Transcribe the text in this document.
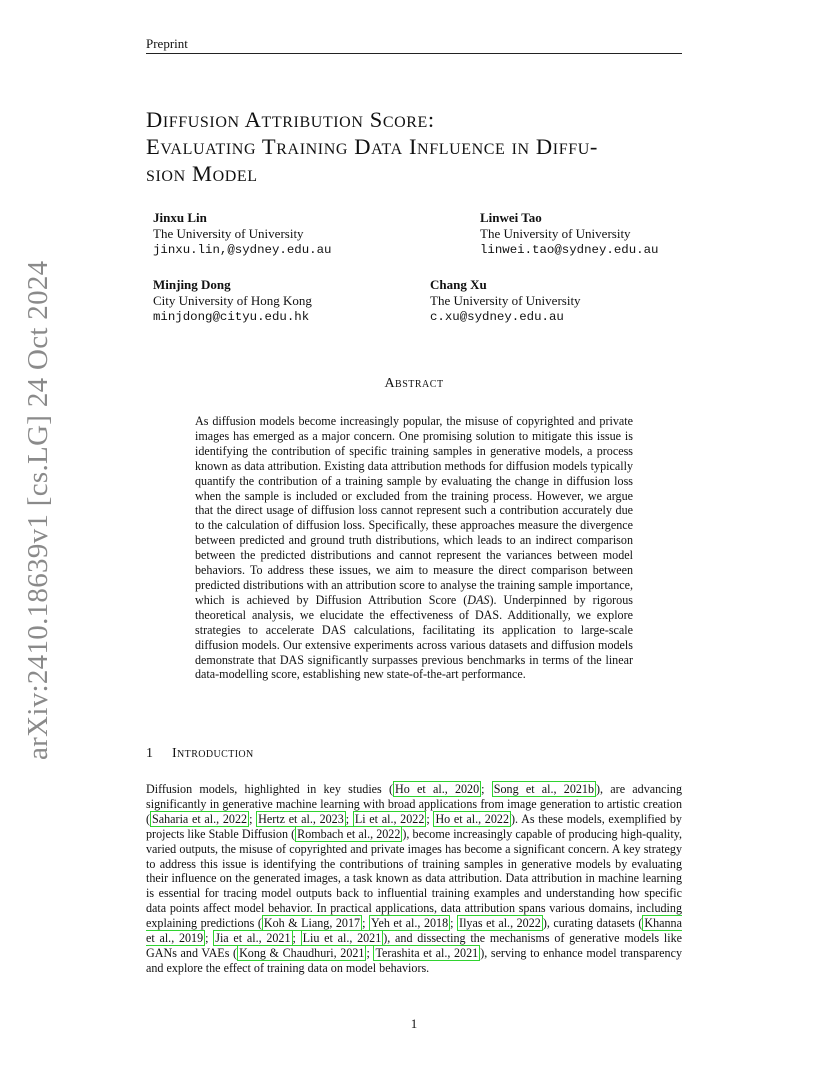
Preprint
arXiv:2410.18639v1 [cs.LG] 24 Oct 2024
Diffusion Attribution Score:
Evaluating Training Data Influence in Diffu-
sion Model
Jinxu Lin
The University of University
jinxu.lin,@sydney.edu.au
Linwei Tao
The University of University
linwei.tao@sydney.edu.au
Minjing Dong
City University of Hong Kong
minjdong@cityu.edu.hk
Chang Xu
The University of University
c.xu@sydney.edu.au
Abstract
As diffusion models become increasingly popular, the misuse of copyrighted and private images has emerged as a major concern. One promising solution to mitigate this issue is identifying the contribution of specific training samples in generative models, a process known as data attribution. Existing data attribution methods for diffusion models typically quantify the contribution of a training sample by evaluating the change in diffusion loss when the sample is included or excluded from the training process. However, we argue that the direct usage of diffusion loss cannot represent such a contribution accurately due to the calculation of diffusion loss. Specifically, these approaches measure the divergence between predicted and ground truth distributions, which leads to an indirect comparison between the predicted distributions and cannot represent the variances between model behaviors. To address these issues, we aim to measure the direct comparison between predicted distributions with an attribution score to analyse the training sample importance, which is achieved by Diffusion Attribution Score (DAS). Underpinned by rigorous theoretical analysis, we elucidate the effectiveness of DAS. Additionally, we explore strategies to accelerate DAS calculations, facilitating its application to large-scale diffusion models. Our extensive experiments across various datasets and diffusion models demonstrate that DAS significantly surpasses previous benchmarks in terms of the linear data-modelling score, establishing new state-of-the-art performance.
1 Introduction
Diffusion models, highlighted in key studies ( Ho et al., 2020 ; Song et al., 2021b ), are advancing significantly in generative machine learning with broad applications from image generation to artistic creation ( Saharia et al., 2022 ; Hertz et al., 2023 ; Li et al., 2022 ; Ho et al., 2022 ). As these models, exemplified by projects like Stable Diffusion ( Rombach et al., 2022 ), become increasingly capable of producing high-quality, varied outputs, the misuse of copyrighted and private images has become a significant concern. A key strategy to address this issue is identifying the contributions of training samples in generative models by evaluating their influence on the generated images, a task known as data attribution. Data attribution in machine learning is essential for tracing model outputs back to influential training examples and understanding how specific data points affect model behavior. In practical applications, data attribution spans various domains, including explaining predictions ( Koh & Liang, 2017 ; Yeh et al., 2018 ; Ilyas et al., 2022 ), curating datasets ( Khanna et al., 2019 ; Jia et al., 2021 ; Liu et al., 2021 ), and dissecting the mechanisms of generative models like GANs and VAEs ( Kong & Chaudhuri, 2021 ; Terashita et al., 2021 ), serving to enhance model transparency and explore the effect of training data on model behaviors.
1
